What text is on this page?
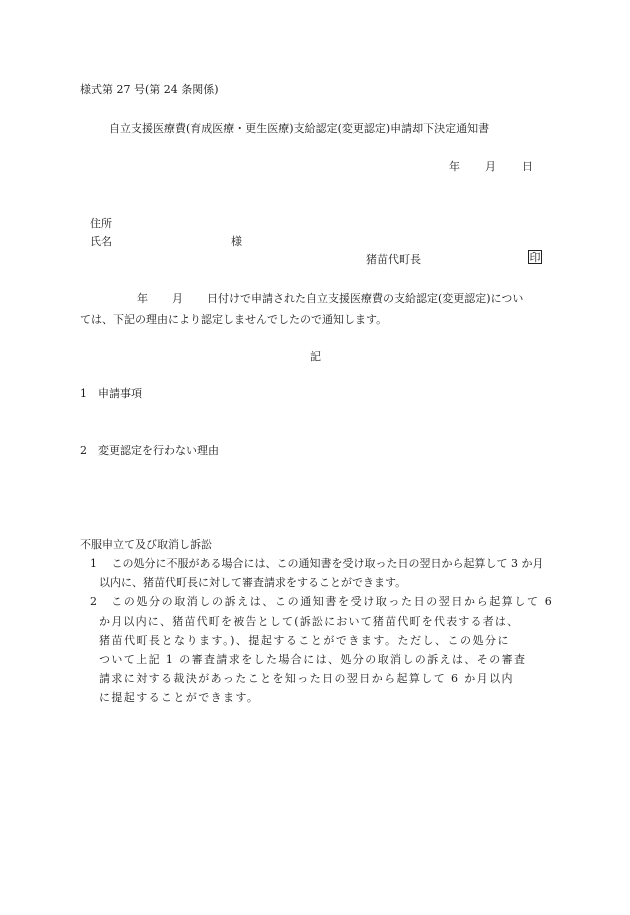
様式第 27 号(第 24 条関係)
自立支援医療費(育成医療・更生医療)支給認定(変更認定)申請却下決定通知書
年 月 日
住所
氏名	様
猪苗代町長	印
年 月 日付けで申請された自立支援医療費の支給認定(変更認定)につい
ては、下記の理由により認定しませんでしたので通知します。
記
1　申請事項
2　変更認定を行わない理由
不服申立て及び取消し訴訟
1　 この処分に不服がある場合には、この通知書を受け取った日の翌日から起算して 3 か月
以内に、猪苗代町長に対して審査請求をすることができます。
2　この処分の取消しの訴えは、この通知書を受け取った日の翌日から起算して 6
か月以内に、猪苗代町を被告として(訴訟において猪苗代町を代表する者は、
猪苗代町長となります。)、提起することができます。ただし、この処分に
ついて上記 1 の審査請求をした場合には、処分の取消しの訴えは、その審査
請求に対する裁決があったことを知った日の翌日から起算して 6 か月以内
に提起することができます。
